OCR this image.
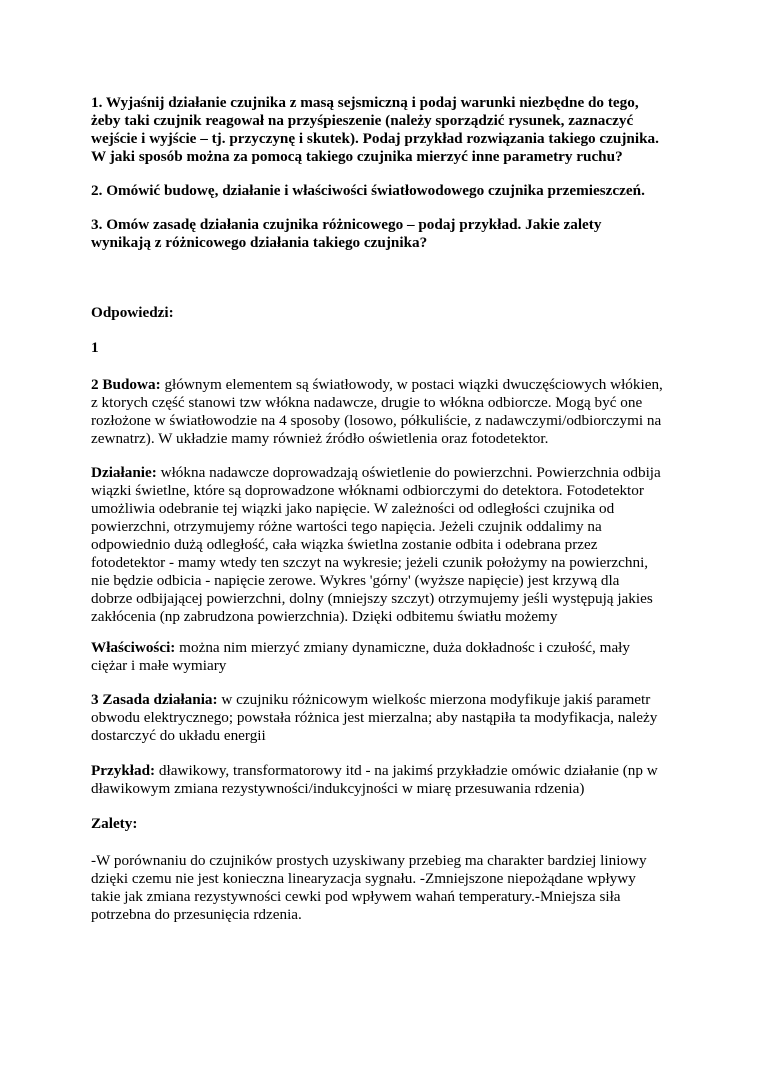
1. Wyjaśnij działanie czujnika z masą sejsmiczną i podaj warunki niezbędne do tego,
żeby taki czujnik reagował na przyśpieszenie (należy sporządzić rysunek, zaznaczyć
wejście i wyjście – tj. przyczynę i skutek). Podaj przykład rozwiązania takiego czujnika.
W jaki sposób można za pomocą takiego czujnika mierzyć inne parametry ruchu?

2. Omówić budowę, działanie i właściwości światłowodowego czujnika przemieszczeń.

3. Omów zasadę działania czujnika różnicowego – podaj przykład. Jakie zalety
wynikają z różnicowego działania takiego czujnika?

Odpowiedzi:

1

2 Budowa: głównym elementem są światłowody, w postaci wiązki dwuczęściowych włókien,
z ktorych część stanowi tzw włókna nadawcze, drugie to włókna odbiorcze. Mogą być one
rozłożone w światłowodzie na 4 sposoby (losowo, półkuliście, z nadawczymi/odbiorczymi na
zewnatrz). W układzie mamy również źródło oświetlenia oraz fotodetektor.

Działanie: włókna nadawcze doprowadzają oświetlenie do powierzchni. Powierzchnia odbija
wiązki świetlne, które są doprowadzone włóknami odbiorczymi do detektora. Fotodetektor
umożliwia odebranie tej wiązki jako napięcie. W zależności od odległości czujnika od
powierzchni, otrzymujemy różne wartości tego napięcia. Jeżeli czujnik oddalimy na
odpowiednio dużą odległość, cała wiązka świetlna zostanie odbita i odebrana przez
fotodetektor - mamy wtedy ten szczyt na wykresie; jeżeli czunik położymy na powierzchni,
nie będzie odbicia - napięcie zerowe. Wykres 'górny' (wyższe napięcie) jest krzywą dla
dobrze odbijającej powierzchni, dolny (mniejszy szczyt) otrzymujemy jeśli występują jakies
zakłócenia (np zabrudzona powierzchnia). Dzięki odbitemu światłu możemy

Właściwości: można nim mierzyć zmiany dynamiczne, duża dokładnośc i czułość, mały
ciężar i małe wymiary

3 Zasada działania: w czujniku różnicowym wielkośc mierzona modyfikuje jakiś parametr
obwodu elektrycznego; powstała różnica jest mierzalna; aby nastąpiła ta modyfikacja, należy
dostarczyć do układu energii

Przykład: dławikowy, transformatorowy itd - na jakimś przykładzie omówic działanie (np w
dławikowym zmiana rezystywności/indukcyjności w miarę przesuwania rdzenia)

Zalety:

-W porównaniu do czujników prostych uzyskiwany przebieg ma charakter bardziej liniowy
dzięki czemu nie jest konieczna linearyzacja sygnału. -Zmniejszone niepożądane wpływy
takie jak zmiana rezystywności cewki pod wpływem wahań temperatury.-Mniejsza siła
potrzebna do przesunięcia rdzenia.
